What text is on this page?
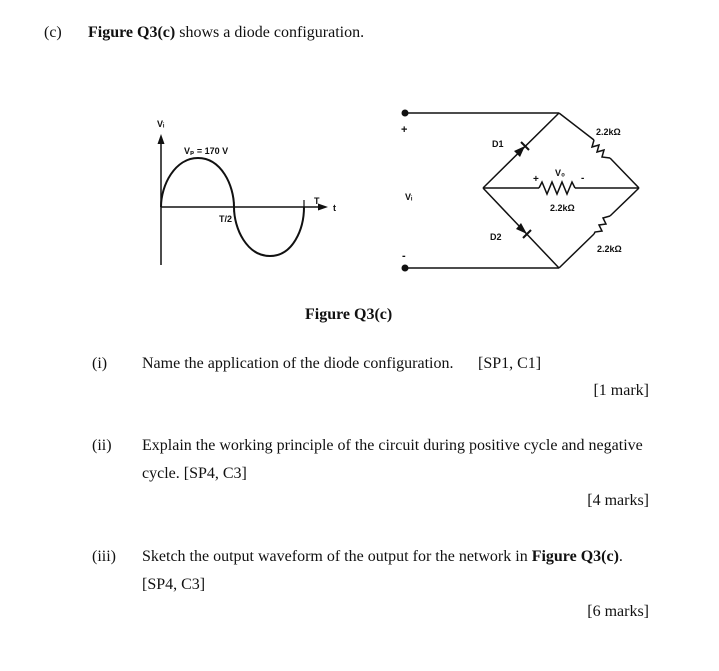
(c) Figure Q3(c) shows a diode configuration.
Vᵢ
Vₚ = 170 V
T/2
T
t
+
-
Vᵢ
D1
D2
2.2kΩ
2.2kΩ
2.2kΩ
V₀
+	-
Figure Q3(c)
(i) Name the application of the diode configuration. [SP1, C1]
[1 mark]
(ii) Explain the working principle of the circuit during positive cycle and negative
cycle. [SP4, C3]
[4 marks]
(iii) Sketch the output waveform of the output for the network in Figure Q3(c).
[SP4, C3]
[6 marks]
